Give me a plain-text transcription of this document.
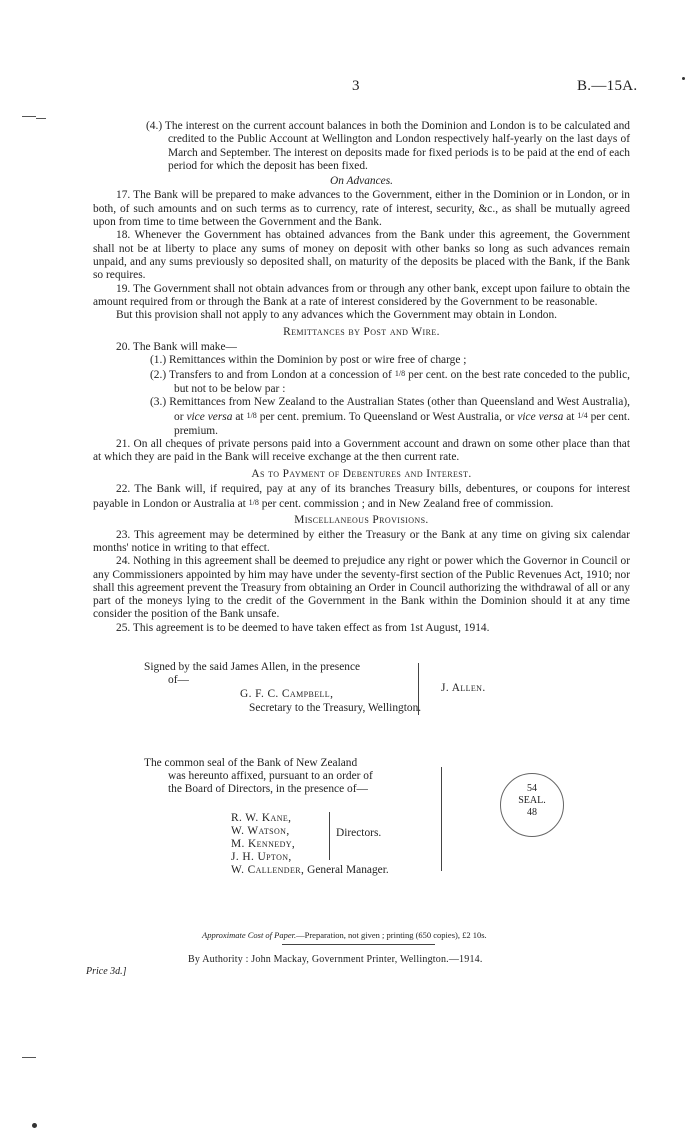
3	B.—15A.

(4.) The interest on the current account balances in both the Dominion and London is to be calculated and credited to the Public Account at Wellington and London respectively half-yearly on the last days of March and September. The interest on deposits made for fixed periods is to be paid at the end of each period for which the deposit has been fixed.

On Advances.

17. The Bank will be prepared to make advances to the Government, either in the Dominion or in London, or in both, of such amounts and on such terms as to currency, rate of interest, security, &c., as shall be mutually agreed upon from time to time between the Government and the Bank.

18. Whenever the Government has obtained advances from the Bank under this agreement, the Government shall not be at liberty to place any sums of money on deposit with other banks so long as such advances remain unpaid, and any sums previously so deposited shall, on maturity of the deposits be placed with the Bank, if the Bank so requires.

19. The Government shall not obtain advances from or through any other bank, except upon failure to obtain the amount required from or through the Bank at a rate of interest considered by the Government to be reasonable.

But this provision shall not apply to any advances which the Government may obtain in London.

Remittances by Post and Wire.

20. The Bank will make—

(1.) Remittances within the Dominion by post or wire free of charge ;

(2.) Transfers to and from London at a concession of 1/8 per cent. on the best rate conceded to the public, but not to be below par :

(3.) Remittances from New Zealand to the Australian States (other than Queensland and West Australia), or vice versa at 1/8 per cent. premium. To Queensland or West Australia, or vice versa at 1/4 per cent. premium.

21. On all cheques of private persons paid into a Government account and drawn on some other place than that at which they are paid in the Bank will receive exchange at the then current rate.

As to Payment of Debentures and Interest.

22. The Bank will, if required, pay at any of its branches Treasury bills, debentures, or coupons for interest payable in London or Australia at 1/8 per cent. commission ; and in New Zealand free of commission.

Miscellaneous Provisions.

23. This agreement may be determined by either the Treasury or the Bank at any time on giving six calendar months' notice in writing to that effect.

24. Nothing in this agreement shall be deemed to prejudice any right or power which the Governor in Council or any Commissioners appointed by him may have under the seventy-first section of the Public Revenues Act, 1910; nor shall this agreement prevent the Treasury from obtaining an Order in Council authorizing the withdrawal of all or any part of the moneys lying to the credit of the Government in the Bank within the Dominion should it at any time consider the position of the Bank unsafe.

25. This agreement is to be deemed to have taken effect as from 1st August, 1914.

Signed by the said James Allen, in the presence
of—
G. F. C. Campbell,
Secretary to the Treasury, Wellington.
J. Allen.
The common seal of the Bank of New Zealand
was hereunto affixed, pursuant to an order of
the Board of Directors, in the presence of—
R. W. Kane,
W. Watson,
M. Kennedy,
J. H. Upton,
Directors.
W. Callender, General Manager.
54
SEAL.
48
Approximate Cost of Paper.—Preparation, not given ; printing (650 copies), £2 10s.
By Authority : John Mackay, Government Printer, Wellington.—1914.
Price 3d.]
